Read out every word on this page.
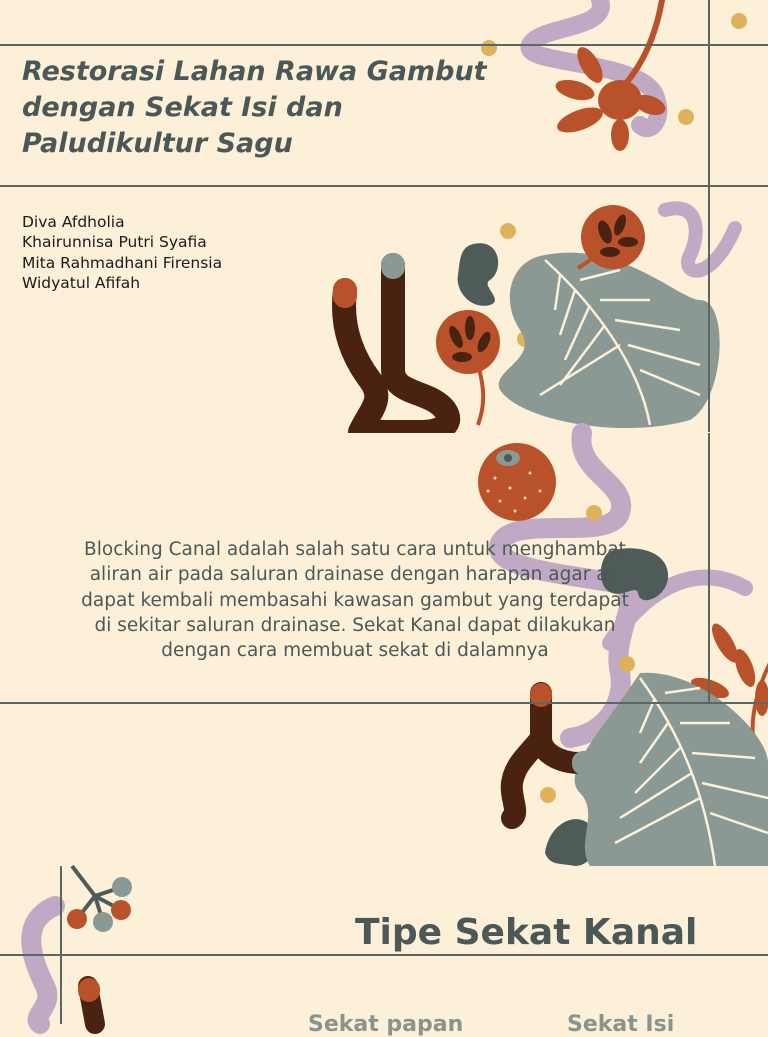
Restorasi Lahan Rawa Gambut
dengan Sekat Isi dan
Paludikultur Sagu
Diva Afdholia
Khairunnisa Putri Syafia
Mita Rahmadhani Firensia
Widyatul Afifah

Blocking Canal adalah salah satu cara untuk menghambat aliran air pada saluran drainase dengan harapan agar air dapat kembali membasahi kawasan gambut yang terdapat di sekitar saluran drainase. Sekat Kanal dapat dilakukan dengan cara membuat sekat di dalamnya

Tipe Sekat Kanal
Sekat papan	Sekat Isi
